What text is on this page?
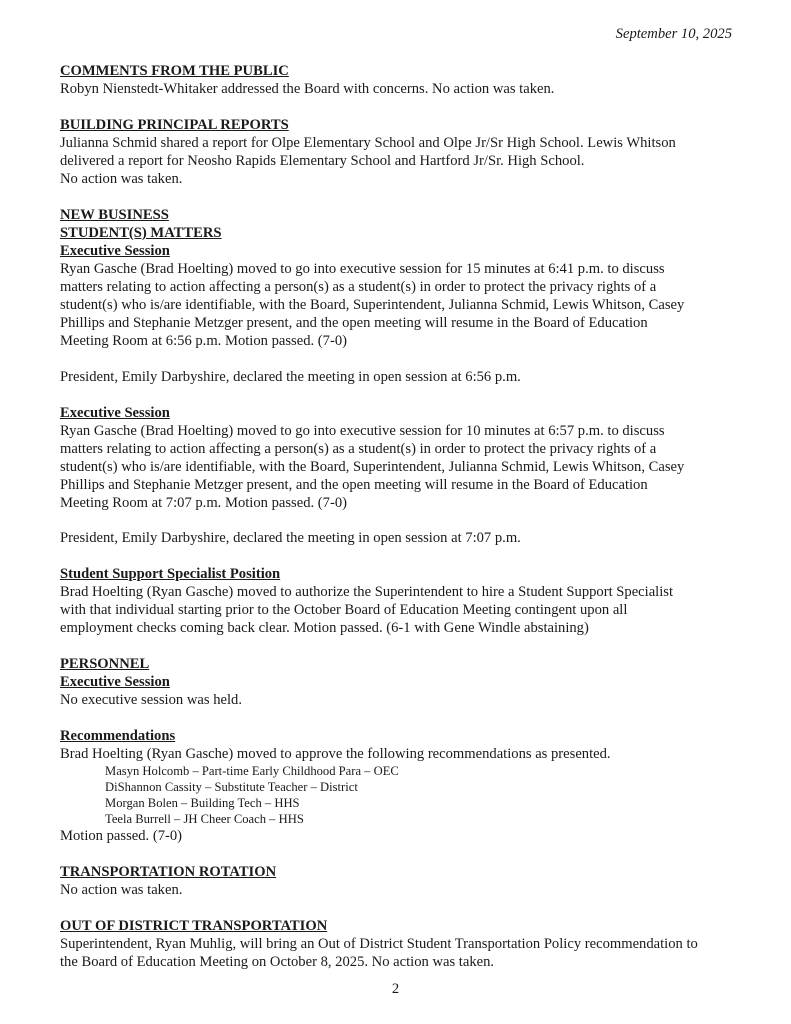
September 10, 2025
COMMENTS FROM THE PUBLIC
Robyn Nienstedt-Whitaker addressed the Board with concerns. No action was taken.
BUILDING PRINCIPAL REPORTS
Julianna Schmid shared a report for Olpe Elementary School and Olpe Jr/Sr High School. Lewis Whitson
delivered a report for Neosho Rapids Elementary School and Hartford Jr/Sr. High School.
No action was taken.
NEW BUSINESS
STUDENT(S) MATTERS
Executive Session
Ryan Gasche (Brad Hoelting) moved to go into executive session for 15 minutes at 6:41 p.m. to discuss
matters relating to action affecting a person(s) as a student(s) in order to protect the privacy rights of a
student(s) who is/are identifiable, with the Board, Superintendent, Julianna Schmid, Lewis Whitson, Casey
Phillips and Stephanie Metzger present, and the open meeting will resume in the Board of Education
Meeting Room at 6:56 p.m. Motion passed. (7-0)
President, Emily Darbyshire, declared the meeting in open session at 6:56 p.m.
Executive Session
Ryan Gasche (Brad Hoelting) moved to go into executive session for 10 minutes at 6:57 p.m. to discuss
matters relating to action affecting a person(s) as a student(s) in order to protect the privacy rights of a
student(s) who is/are identifiable, with the Board, Superintendent, Julianna Schmid, Lewis Whitson, Casey
Phillips and Stephanie Metzger present, and the open meeting will resume in the Board of Education
Meeting Room at 7:07 p.m. Motion passed. (7-0)
President, Emily Darbyshire, declared the meeting in open session at 7:07 p.m.
Student Support Specialist Position
Brad Hoelting (Ryan Gasche) moved to authorize the Superintendent to hire a Student Support Specialist
with that individual starting prior to the October Board of Education Meeting contingent upon all
employment checks coming back clear. Motion passed. (6-1 with Gene Windle abstaining)
PERSONNEL
Executive Session
No executive session was held.
Recommendations
Brad Hoelting (Ryan Gasche) moved to approve the following recommendations as presented.
Masyn Holcomb – Part-time Early Childhood Para – OEC
DiShannon Cassity – Substitute Teacher – District
Morgan Bolen – Building Tech – HHS
Teela Burrell – JH Cheer Coach – HHS
Motion passed. (7-0)
TRANSPORTATION ROTATION
No action was taken.
OUT OF DISTRICT TRANSPORTATION
Superintendent, Ryan Muhlig, will bring an Out of District Student Transportation Policy recommendation to
the Board of Education Meeting on October 8, 2025. No action was taken.
2
